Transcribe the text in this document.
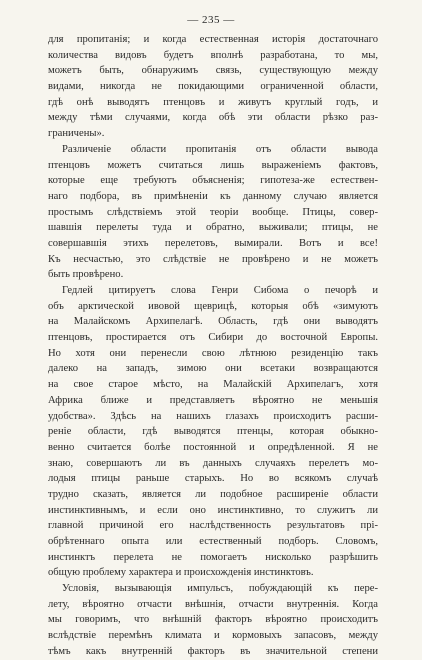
— 235 —
для пропитанія; и когда естественная исторія достаточнаго
количества видовъ будетъ вполнѣ разработана, то мы,
можетъ быть, обнаружимъ связь, существующую между
видами, никогда не покидающими ограниченной области,
гдѣ онѣ выводятъ птенцовъ и живутъ круглый годъ, и
между тѣми случаями, когда обѣ эти области рѣзко раз-
граничены».
Различеніе области пропитанія отъ области вывода
птенцовъ можетъ считаться лишь выраженіемъ фактовъ,
которые еще требуютъ объясненія; гипотеза-же естествен-
наго подбора, въ примѣненіи къ данному случаю является
простымъ слѣдствіемъ этой теоріи вообще. Птицы, совер-
шавшія перелеты туда и обратно, выживали; птицы, не
совершавшія этихъ перелетовъ, вымирали. Вотъ и все!
Къ несчастью, это слѣдствіе не провѣрено и не можетъ
быть провѣрено.
Гедлей цитируетъ слова Генри Сибома о печорѣ и
объ арктической ивовой щеврицѣ, которыя обѣ «зимуютъ
на Малайскомъ Архипелагѣ. Область, гдѣ они выводятъ
птенцовъ, простирается отъ Сибири до восточной Европы.
Но хотя они перенесли свою лѣтнюю резиденцію такъ
далеко на западъ, зимою они всетаки возвращаются
на свое старое мѣсто, на Малайскій Архипелагъ, хотя
Африка ближе и представляетъ вѣроятно не меньшія
удобства». Здѣсь на нашихъ глазахъ происходитъ расши-
реніе области, гдѣ выводятся птенцы, которая обыкно-
венно считается болѣе постоянной и опредѣленной. Я не
знаю, совершаютъ ли въ данныхъ случаяхъ перелетъ мо-
лодыя птицы раньше старыхъ. Но во всякомъ случаѣ
трудно сказать, является ли подобное расширеніе области
инстинктивнымъ, и если оно инстинктивно, то служитъ ли
главной причиной его наслѣдственность результатовъ прі-
обрѣтеннаго опыта или естественный подборъ. Словомъ,
инстинктъ перелета не помогаетъ нисколько разрѣшить
общую проблему характера и происхожденія инстинктовъ.
Условія, вызывающія импульсъ, побуждающій къ пере-
лету, вѣроятно отчасти внѣшнія, отчасти внутреннія. Когда
мы говоримъ, что внѣшній факторъ вѣроятно происходитъ
вслѣдствіе перемѣнъ климата и кормовыхъ запасовъ, между
тѣмъ какъ внутренній факторъ въ значительной степени
